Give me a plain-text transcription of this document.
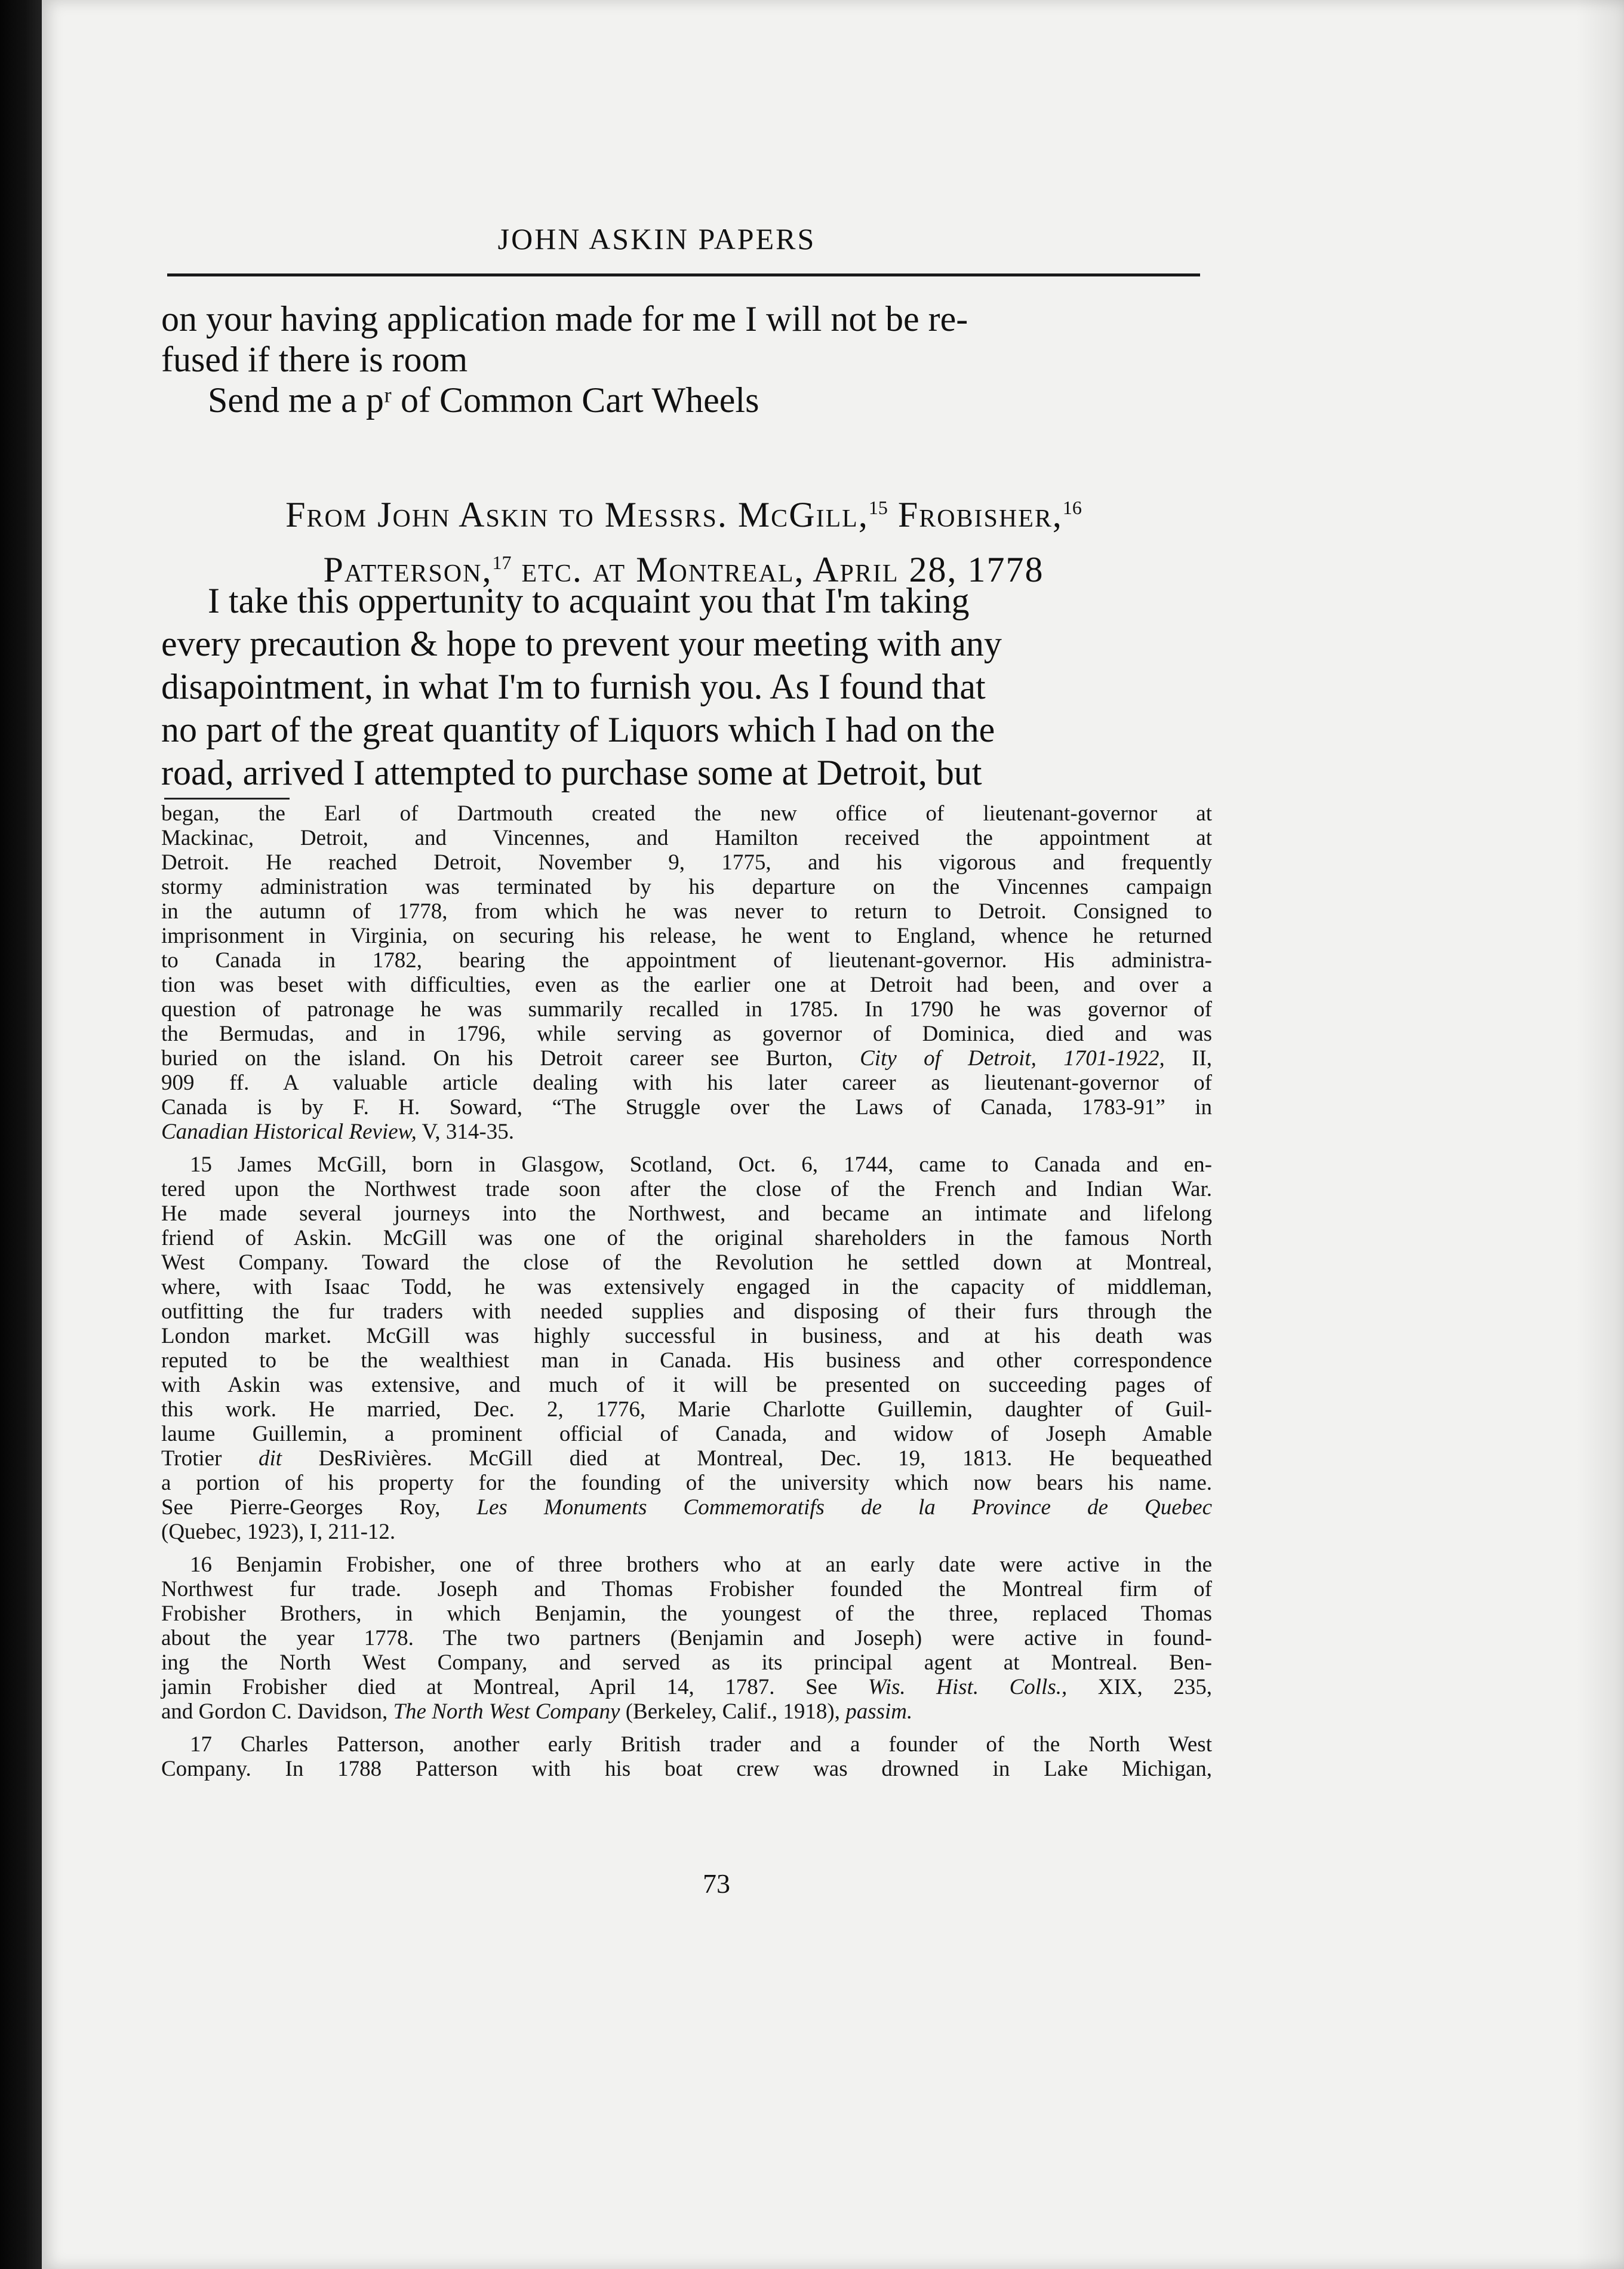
JOHN ASKIN PAPERS
on your having application made for me I will not be re-
fused if there is room
Send me a pʳ of Common Cart Wheels
From John Askin to Messrs. McGill,$^{15}$ Frobisher,$^{16}$
Patterson,$^{17}$ etc. at Montreal, April 28, 1778
I take this oppertunity to acquaint you that I'm taking
every precaution & hope to prevent your meeting with any
disapointment, in what I'm to furnish you. As I found that
no part of the great quantity of Liquors which I had on the
road, arrived I attempted to purchase some at Detroit, but
began, the Earl of Dartmouth created the new office of lieutenant-governor at
Mackinac, Detroit, and Vincennes, and Hamilton received the appointment at
Detroit. He reached Detroit, November 9, 1775, and his vigorous and frequently
stormy administration was terminated by his departure on the Vincennes campaign
in the autumn of 1778, from which he was never to return to Detroit. Consigned to
imprisonment in Virginia, on securing his release, he went to England, whence he returned
to Canada in 1782, bearing the appointment of lieutenant-governor. His administra-
tion was beset with difficulties, even as the earlier one at Detroit had been, and over a
question of patronage he was summarily recalled in 1785. In 1790 he was governor of
the Bermudas, and in 1796, while serving as governor of Dominica, died and was
buried on the island. On his Detroit career see Burton, City of Detroit, 1701-1922, II,
909 ff. A valuable article dealing with his later career as lieutenant-governor of
Canada is by F. H. Soward, “The Struggle over the Laws of Canada, 1783-91” in
Canadian Historical Review, V, 314-35.
15 James McGill, born in Glasgow, Scotland, Oct. 6, 1744, came to Canada and en-
tered upon the Northwest trade soon after the close of the French and Indian War.
He made several journeys into the Northwest, and became an intimate and lifelong
friend of Askin. McGill was one of the original shareholders in the famous North
West Company. Toward the close of the Revolution he settled down at Montreal,
where, with Isaac Todd, he was extensively engaged in the capacity of middleman,
outfitting the fur traders with needed supplies and disposing of their furs through the
London market. McGill was highly successful in business, and at his death was
reputed to be the wealthiest man in Canada. His business and other correspondence
with Askin was extensive, and much of it will be presented on succeeding pages of
this work. He married, Dec. 2, 1776, Marie Charlotte Guillemin, daughter of Guil-
laume Guillemin, a prominent official of Canada, and widow of Joseph Amable
Trotier dit DesRivières. McGill died at Montreal, Dec. 19, 1813. He bequeathed
a portion of his property for the founding of the university which now bears his name.
See Pierre-Georges Roy, Les Monuments Commemoratifs de la Province de Quebec
(Quebec, 1923), I, 211-12.
16 Benjamin Frobisher, one of three brothers who at an early date were active in the
Northwest fur trade. Joseph and Thomas Frobisher founded the Montreal firm of
Frobisher Brothers, in which Benjamin, the youngest of the three, replaced Thomas
about the year 1778. The two partners (Benjamin and Joseph) were active in found-
ing the North West Company, and served as its principal agent at Montreal. Ben-
jamin Frobisher died at Montreal, April 14, 1787. See Wis. Hist. Colls., XIX, 235,
and Gordon C. Davidson, The North West Company (Berkeley, Calif., 1918), passim.
17 Charles Patterson, another early British trader and a founder of the North West
Company. In 1788 Patterson with his boat crew was drowned in Lake Michigan,
73
